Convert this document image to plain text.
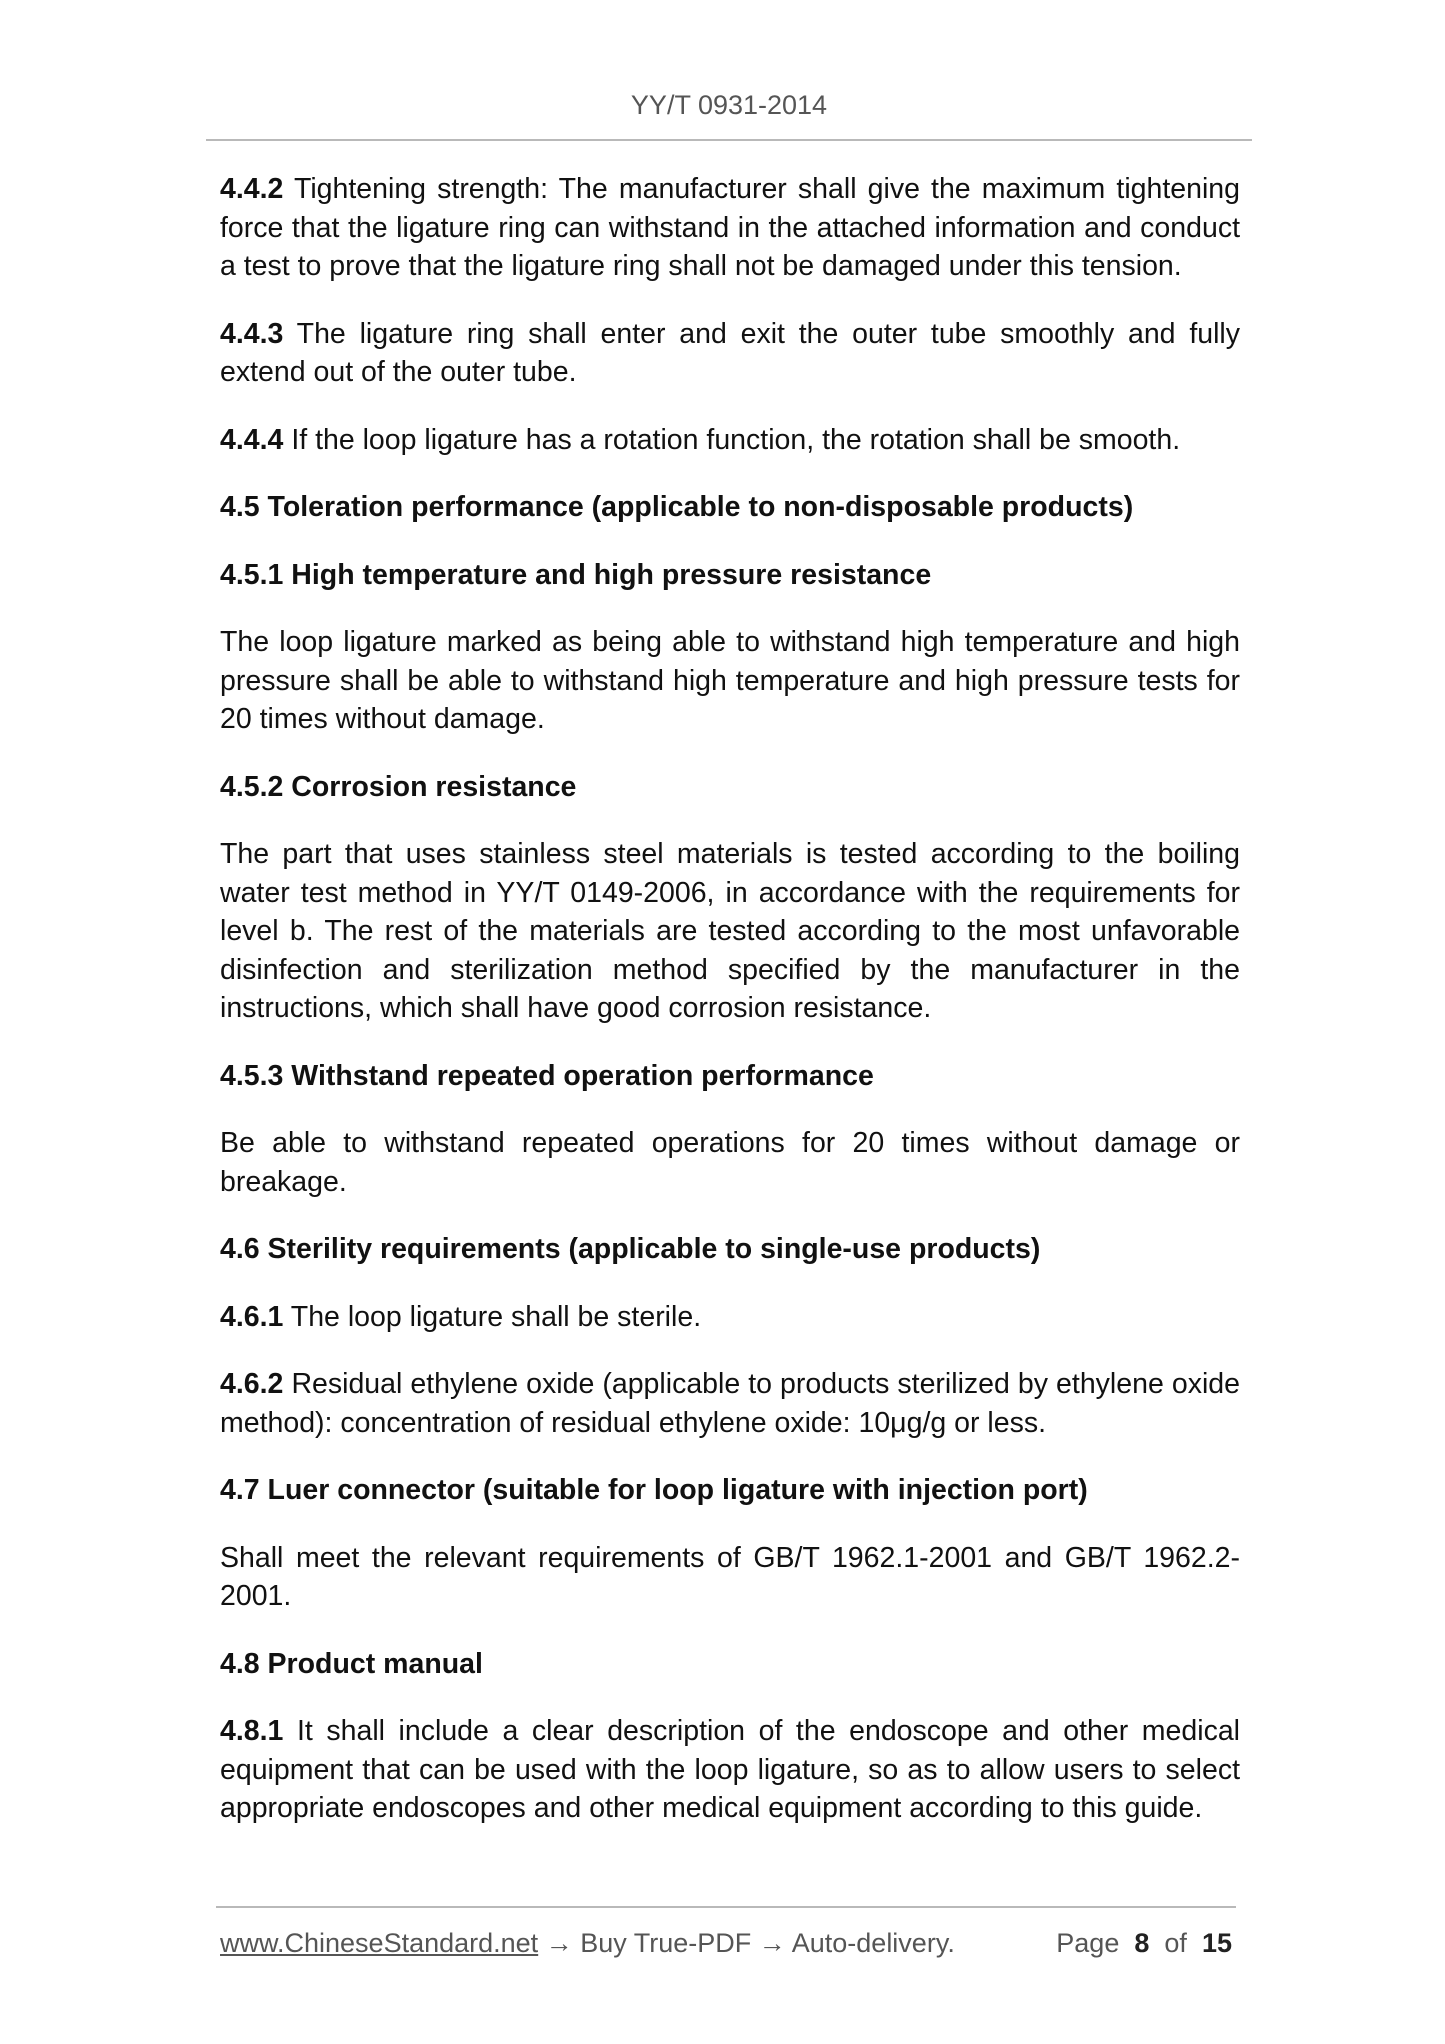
YY/T 0931-2014

4.4.2 Tightening strength: The manufacturer shall give the maximum tightening force that the ligature ring can withstand in the attached information and conduct a test to prove that the ligature ring shall not be damaged under this tension.

4.4.3 The ligature ring shall enter and exit the outer tube smoothly and fully extend out of the outer tube.

4.4.4 If the loop ligature has a rotation function, the rotation shall be smooth.

4.5 Toleration performance (applicable to non-disposable products)

4.5.1 High temperature and high pressure resistance

The loop ligature marked as being able to withstand high temperature and high pressure shall be able to withstand high temperature and high pressure tests for 20 times without damage.

4.5.2 Corrosion resistance

The part that uses stainless steel materials is tested according to the boiling water test method in YY/T 0149-2006, in accordance with the requirements for level b. The rest of the materials are tested according to the most unfavorable disinfection and sterilization method specified by the manufacturer in the instructions, which shall have good corrosion resistance.

4.5.3 Withstand repeated operation performance

Be able to withstand repeated operations for 20 times without damage or breakage.

4.6 Sterility requirements (applicable to single-use products)

4.6.1 The loop ligature shall be sterile.

4.6.2 Residual ethylene oxide (applicable to products sterilized by ethylene oxide method): concentration of residual ethylene oxide: 10μg/g or less.

4.7 Luer connector (suitable for loop ligature with injection port)

Shall meet the relevant requirements of GB/T 1962.1-2001 and GB/T 1962.2-2001.

4.8 Product manual

4.8.1 It shall include a clear description of the endoscope and other medical equipment that can be used with the loop ligature, so as to allow users to select appropriate endoscopes and other medical equipment according to this guide.

www.ChineseStandard.net → Buy True-PDF → Auto-delivery.	Page 8 of 15
